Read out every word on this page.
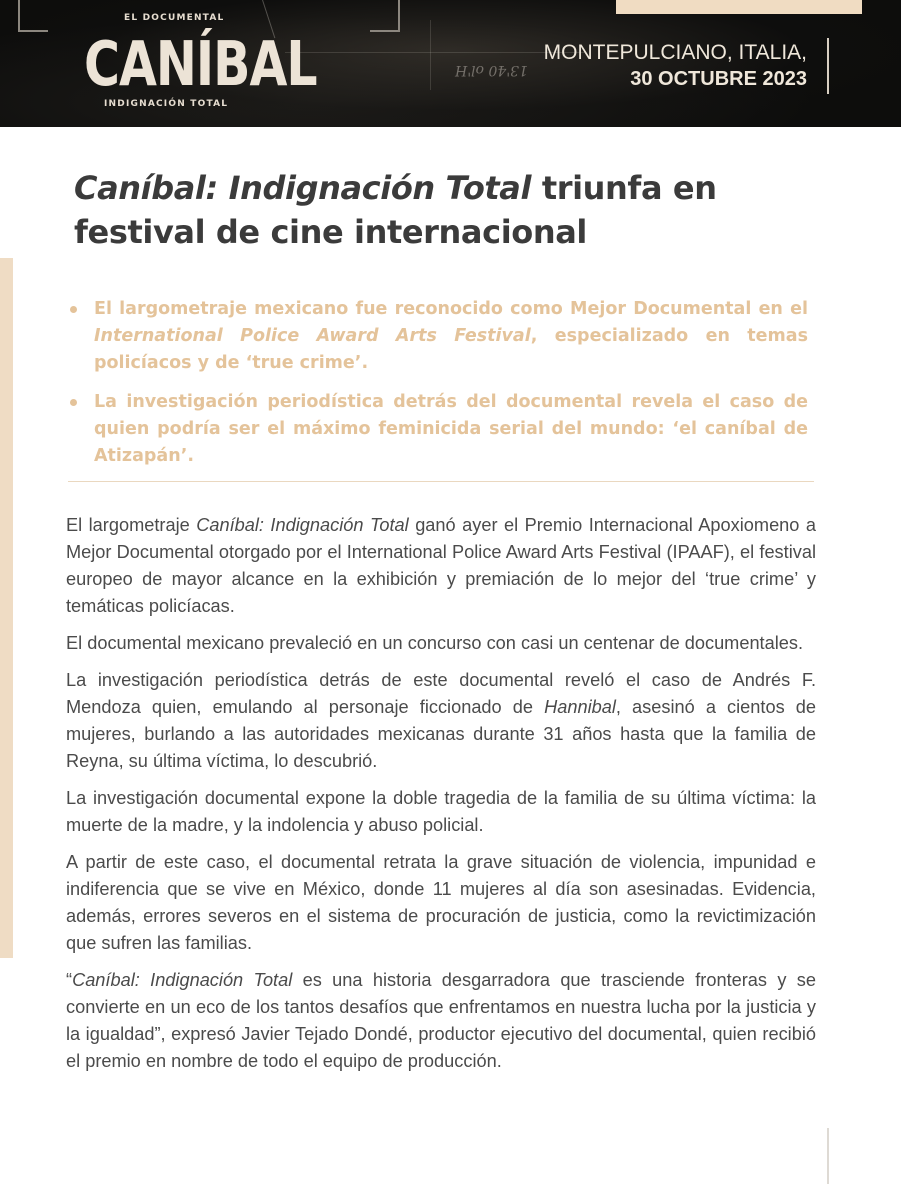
13'40 ol'H
EL DOCUMENTAL
CANÍBAL
INDIGNACIÓN TOTAL
MONTEPULCIANO, ITALIA,
30 OCTUBRE 2023
Caníbal: Indignación Total triunfa en festival de cine internacional
El largometraje mexicano fue reconocido como Mejor Documental en el International Police Award Arts Festival, especializado en temas policíacos y de ‘true crime’.
La investigación periodística detrás del documental revela el caso de quien podría ser el máximo feminicida serial del mundo: ‘el caníbal de Atizapán’.

El largometraje Caníbal: Indignación Total ganó ayer el Premio Internacional Apoxiomeno a Mejor Documental otorgado por el International Police Award Arts Festival (IPAAF), el festival europeo de mayor alcance en la exhibición y premiación de lo mejor del ‘true crime’ y temáticas policíacas.

El documental mexicano prevaleció en un concurso con casi un centenar de documentales.

La investigación periodística detrás de este documental reveló el caso de Andrés F. Mendoza quien, emulando al personaje ficcionado de Hannibal, asesinó a cientos de mujeres, burlando a las autoridades mexicanas durante 31 años hasta que la familia de Reyna, su última víctima, lo descubrió.

La investigación documental expone la doble tragedia de la familia de su última víctima: la muerte de la madre, y la indolencia y abuso policial.

A partir de este caso, el documental retrata la grave situación de violencia, impunidad e indiferencia que se vive en México, donde 11 mujeres al día son asesinadas. Evidencia, además, errores severos en el sistema de procuración de justicia, como la revictimización que sufren las familias.

“Caníbal: Indignación Total es una historia desgarradora que trasciende fronteras y se convierte en un eco de los tantos desafíos que enfrentamos en nuestra lucha por la justicia y la igualdad”, expresó Javier Tejado Dondé, productor ejecutivo del documental, quien recibió el premio en nombre de todo el equipo de producción.
